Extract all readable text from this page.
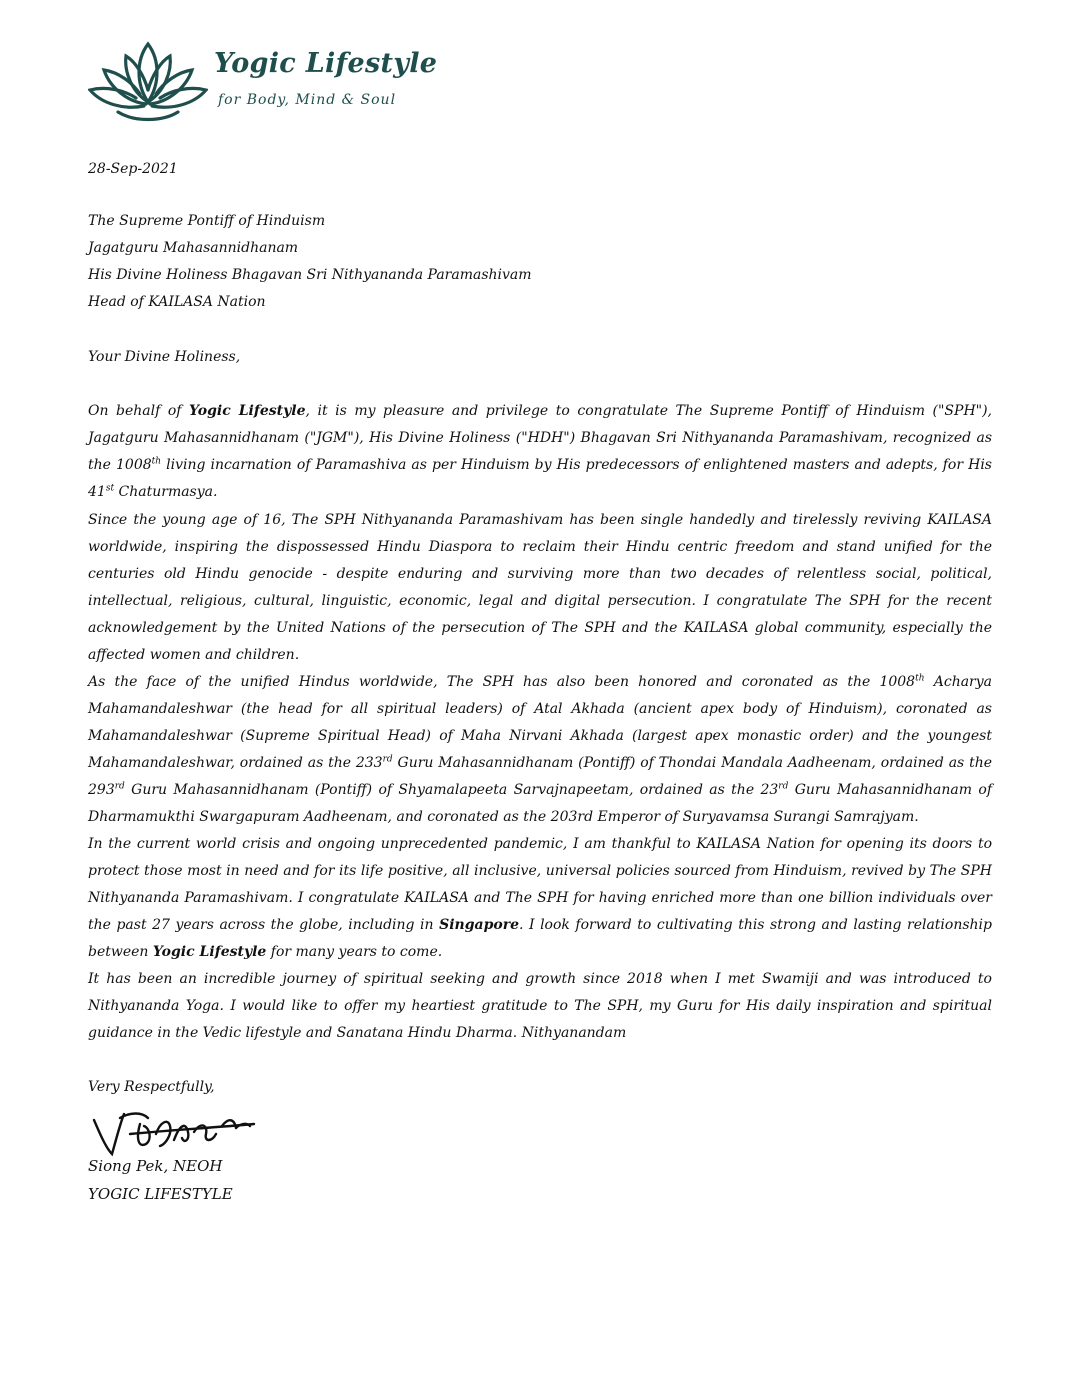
Yogic Lifestyle
for Body, Mind & Soul
28-Sep-2021
The Supreme Pontiff of Hinduism
Jagatguru Mahasannidhanam
His Divine Holiness Bhagavan Sri Nithyananda Paramashivam
Head of KAILASA Nation
Your Divine Holiness,

On behalf of Yogic Lifestyle, it is my pleasure and privilege to congratulate The Supreme Pontiff of Hinduism ("SPH"), Jagatguru Mahasannidhanam ("JGM"), His Divine Holiness ("HDH") Bhagavan Sri Nithyananda Paramashivam, recognized as the 1008th living incarnation of Paramashiva as per Hinduism by His predecessors of enlightened masters and adepts, for His 41st Chaturmasya.

Since the young age of 16, The SPH Nithyananda Paramashivam has been single handedly and tirelessly reviving KAILASA worldwide, inspiring the dispossessed Hindu Diaspora to reclaim their Hindu centric freedom and stand unified for the centuries old Hindu genocide - despite enduring and surviving more than two decades of relentless social, political, intellectual, religious, cultural, linguistic, economic, legal and digital persecution. I congratulate The SPH for the recent acknowledgement by the United Nations of the persecution of The SPH and the KAILASA global community, especially the affected women and children.

As the face of the unified Hindus worldwide, The SPH has also been honored and coronated as the 1008th Acharya Mahamandaleshwar (the head for all spiritual leaders) of Atal Akhada (ancient apex body of Hinduism), coronated as Mahamandaleshwar (Supreme Spiritual Head) of Maha Nirvani Akhada (largest apex monastic order) and the youngest Mahamandaleshwar, ordained as the 233rd Guru Mahasannidhanam (Pontiff) of Thondai Mandala Aadheenam, ordained as the 293rd Guru Mahasannidhanam (Pontiff) of Shyamalapeeta Sarvajnapeetam, ordained as the 23rd Guru Mahasannidhanam of Dharmamukthi Swargapuram Aadheenam, and coronated as the 203rd Emperor of Suryavamsa Surangi Samrajyam.

In the current world crisis and ongoing unprecedented pandemic, I am thankful to KAILASA Nation for opening its doors to protect those most in need and for its life positive, all inclusive, universal policies sourced from Hinduism, revived by The SPH Nithyananda Paramashivam. I congratulate KAILASA and The SPH for having enriched more than one billion individuals over the past 27 years across the globe, including in Singapore. I look forward to cultivating this strong and lasting relationship between Yogic Lifestyle for many years to come.

It has been an incredible journey of spiritual seeking and growth since 2018 when I met Swamiji and was introduced to Nithyananda Yoga. I would like to offer my heartiest gratitude to The SPH, my Guru for His daily inspiration and spiritual guidance in the Vedic lifestyle and Sanatana Hindu Dharma. Nithyanandam

Very Respectfully,
Siong Pek, NEOH
YOGIC LIFESTYLE
